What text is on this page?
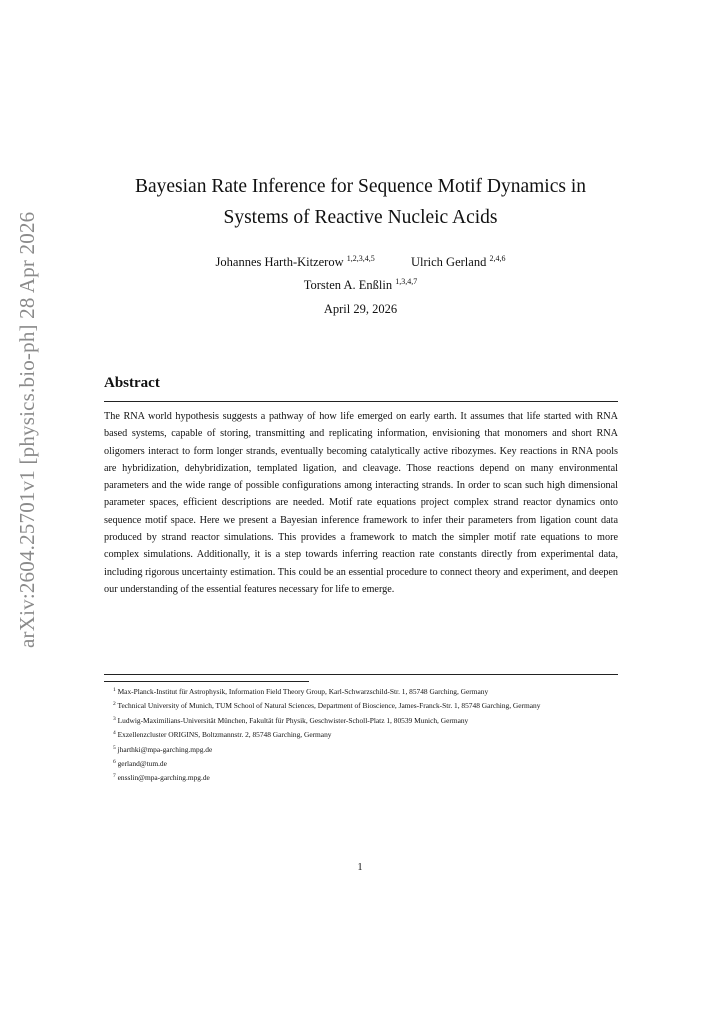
arXiv:2604.25701v1 [physics.bio-ph] 28 Apr 2026
Bayesian Rate Inference for Sequence Motif Dynamics in
Systems of Reactive Nucleic Acids
Johannes Harth-Kitzerow $^{1,2,3,4,5}$	Ulrich Gerland $^{2,4,6}$
Torsten A. Enßlin $^{1,3,4,7}$
April 29, 2026
Abstract
The RNA world hypothesis suggests a pathway of how life emerged on early earth. It assumes that life started with RNA based systems, capable of storing, transmitting and replicating information, envisioning that monomers and short RNA oligomers interact to form longer strands, eventually becoming catalytically active ribozymes. Key reactions in RNA pools are hybridization, dehybridization, templated ligation, and cleavage. Those reactions depend on many environmental parameters and the wide range of possible configurations among interacting strands. In order to scan such high dimensional parameter spaces, efficient descriptions are needed. Motif rate equations project complex strand reactor dynamics onto sequence motif space. Here we present a Bayesian inference framework to infer their parameters from ligation count data produced by strand reactor simulations. This provides a framework to match the simpler motif rate equations to more complex simulations. Additionally, it is a step towards inferring reaction rate constants directly from experimental data, including rigorous uncertainty estimation. This could be an essential procedure to connect theory and experiment, and deepen our understanding of the essential features necessary for life to emerge.
$^1$ Max-Planck-Institut für Astrophysik, Information Field Theory Group, Karl-Schwarzschild-Str. 1, 85748 Garching, Germany
$^2$ Technical University of Munich, TUM School of Natural Sciences, Department of Bioscience, James-Franck-Str. 1, 85748 Garching, Germany
$^3$ Ludwig-Maximilians-Universität München, Fakultät für Physik, Geschwister-Scholl-Platz 1, 80539 Munich, Germany
$^4$ Exzellenzcluster ORIGINS, Boltzmannstr. 2, 85748 Garching, Germany
$^5$ jharthki@mpa-garching.mpg.de
$^6$ gerland@tum.de
$^7$ ensslin@mpa-garching.mpg.de
1
